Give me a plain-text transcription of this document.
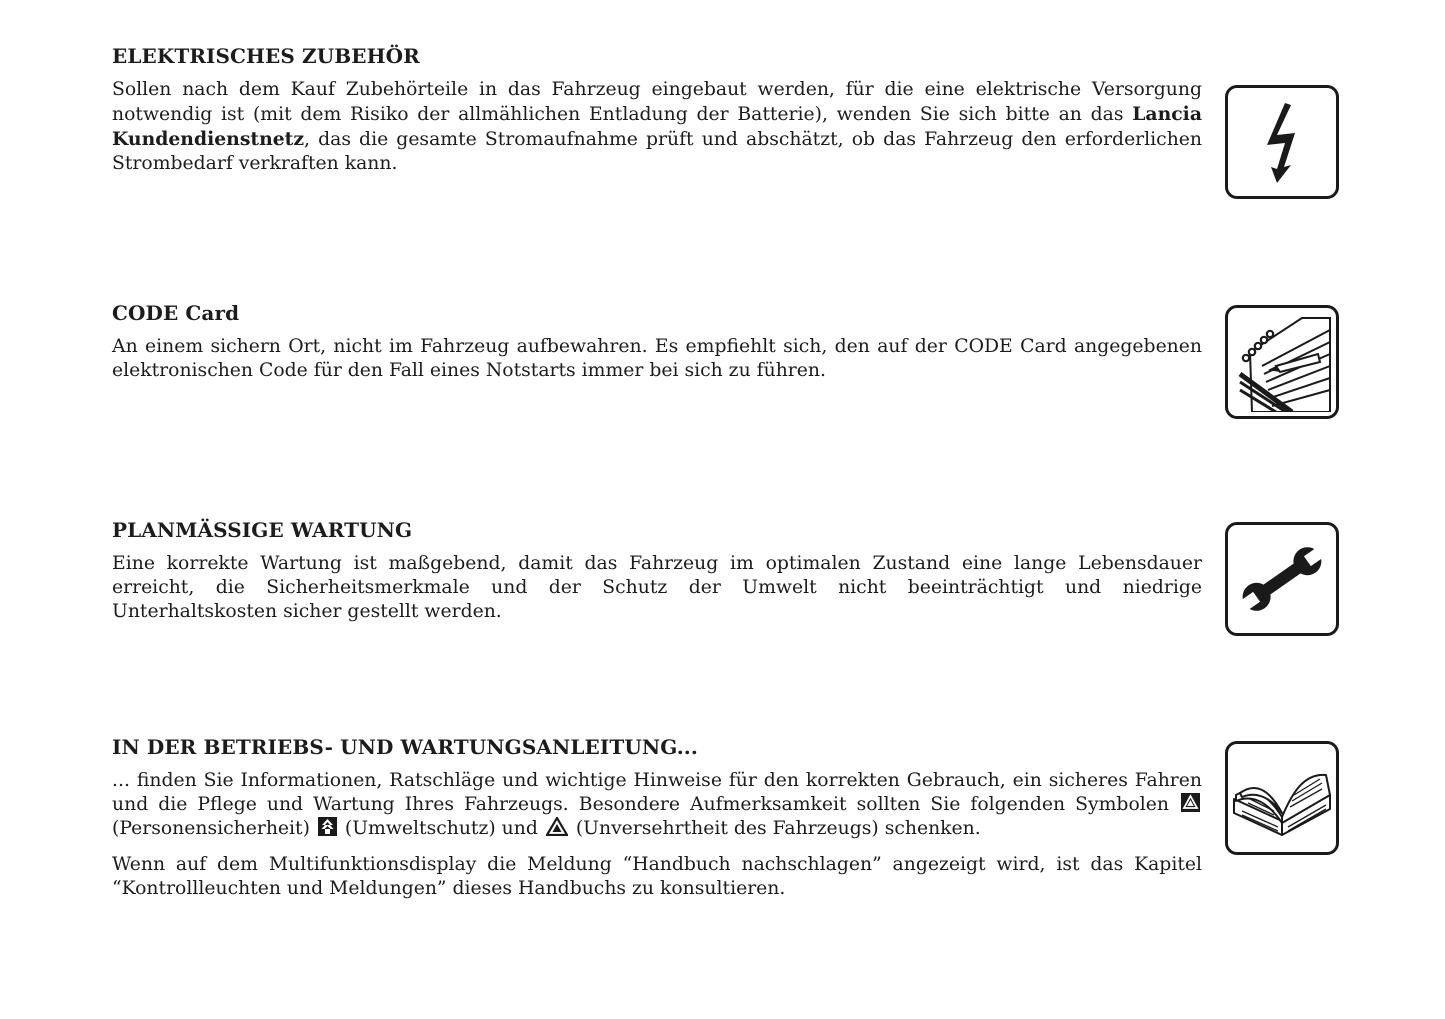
ELEKTRISCHES ZUBEHÖR

Sollen nach dem Kauf Zubehörteile in das Fahrzeug eingebaut werden, für die eine elektrische Versorgung notwendig ist (mit dem Risiko der allmählichen Entladung der Batterie), wenden Sie sich bitte an das Lancia Kundendienstnetz, das die gesamte Stromaufnahme prüft und abschätzt, ob das Fahrzeug den erforderlichen Strombedarf verkraften kann.

CODE Card

An einem sichern Ort, nicht im Fahrzeug aufbewahren. Es empfiehlt sich, den auf der CODE Card angegebenen elektronischen Code für den Fall eines Notstarts immer bei sich zu führen.

PLANMÄSSIGE WARTUNG

Eine korrekte Wartung ist maßgebend, damit das Fahrzeug im optimalen Zustand eine lange Lebensdauer erreicht, die Sicherheitsmerkmale und der Schutz der Umwelt nicht beeinträchtigt und niedrige Unterhaltskosten sicher gestellt werden.

IN DER BETRIEBS- UND WARTUNGSANLEITUNG...

... finden Sie Informationen, Ratschläge und wichtige Hinweise für den korrekten Gebrauch, ein sicheres Fahren und die Pflege und Wartung Ihres Fahrzeugs. Besondere Aufmerksamkeit sollten Sie folgenden Symbolen
(Personensicherheit)
(Umweltschutz) und
(Unversehrtheit des Fahrzeugs) schenken.

Wenn auf dem Multifunktionsdisplay die Meldung “Handbuch nachschlagen” angezeigt wird, ist das Kapitel “Kontrollleuchten und Meldungen” dieses Handbuchs zu konsultieren.
